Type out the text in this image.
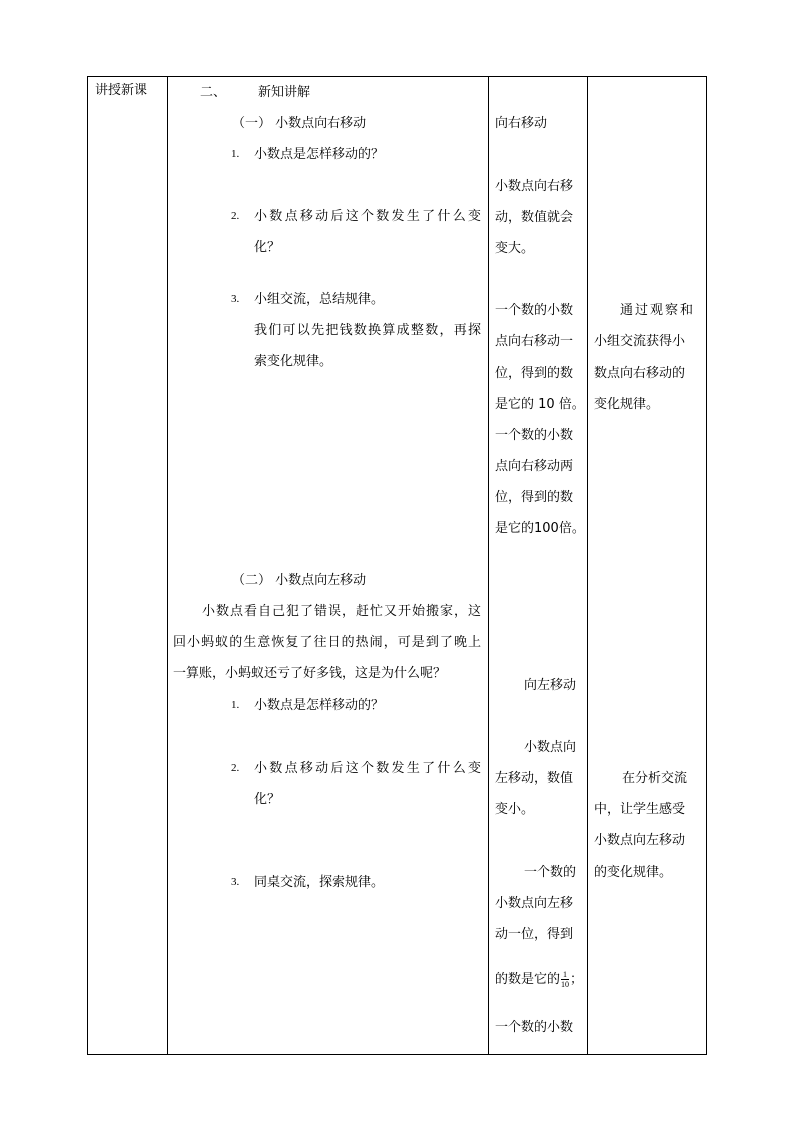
讲授新课	二、 新知讲解
（一） 小数点向右移动
1. 小数点是怎样移动的？
2. 小数点移动后这个数发生了什么变
化？
3. 小组交流，总结规律。
我们可以先把钱数换算成整数，再探
索变化规律。
（二） 小数点向左移动
小数点看自己犯了错误，赶忙又开始搬家，这
回小蚂蚁的生意恢复了往日的热闹，可是到了晚上
一算账，小蚂蚁还亏了好多钱，这是为什么呢？
1. 小数点是怎样移动的？
2. 小数点移动后这个数发生了什么变
化？
3. 同桌交流，探索规律。
向右移动
小数点向右移
动，数值就会
变大。
一个数的小数
点向右移动一
位，得到的数
是它的 10 倍。
一个数的小数
点向右移动两
位，得到的数
是它的100倍。
向左移动
小数点向
左移动，数值
变小。
一个数的
小数点向左移
动一位，得到
的数是它的 $\frac{1}{10}$ ；
一个数的小数
通过观察和
小组交流获得小
数点向右移动的
变化规律。
在分析交流
中，让学生感受
小数点向左移动
的变化规律。
